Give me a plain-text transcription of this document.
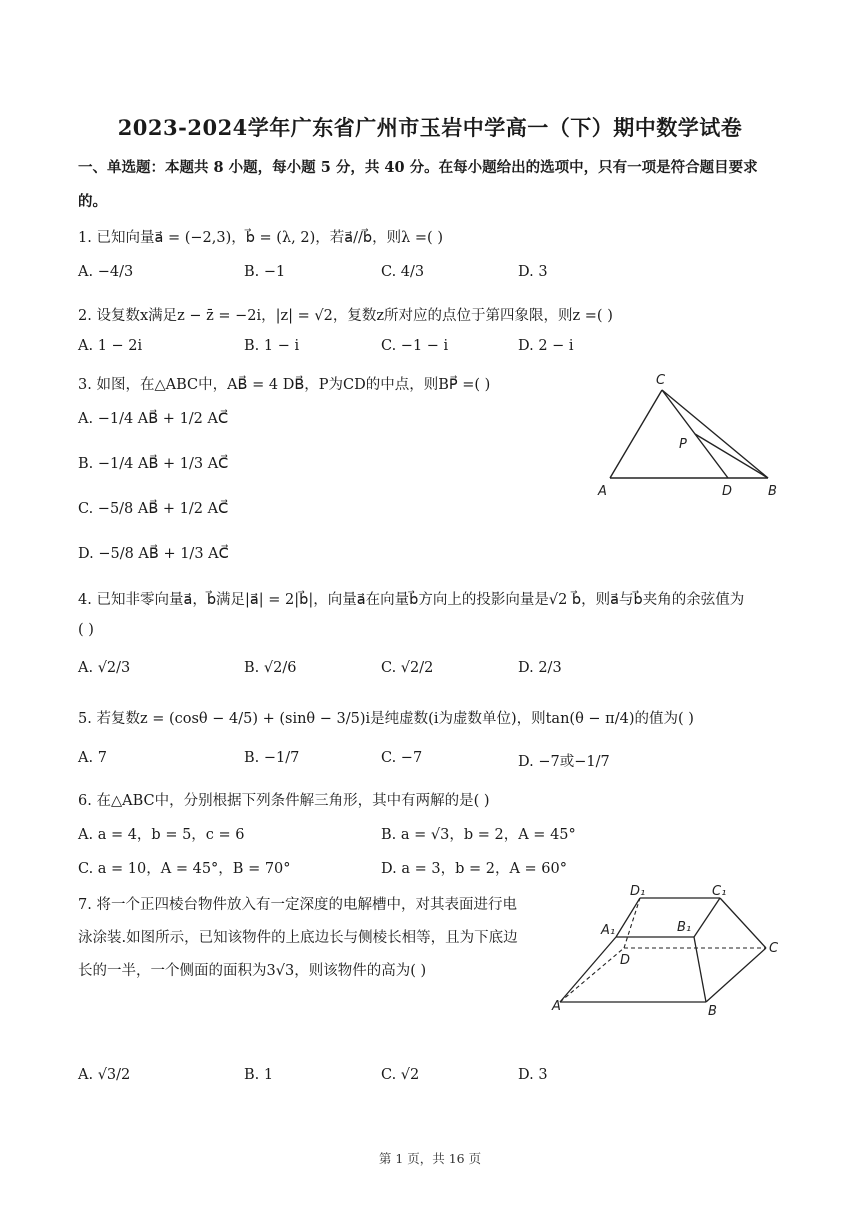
2023-2024学年广东省广州市玉岩中学高一（下）期中数学试卷
一、单选题：本题共 8 小题，每小题 5 分，共 40 分。在每小题给出的选项中，只有一项是符合题目要求
的。
1. 已知向量a⃗ = (−2,3)，b⃗ = (λ, 2)，若a⃗//b⃗，则λ =( )
A. −4/3	B. −1	C. 4/3	D. 3
2. 设复数x满足z − z̄ = −2i，|z| = √2，复数z所对应的点位于第四象限，则z =( )
A. 1 − 2i	B. 1 − i	C. −1 − i	D. 2 − i
3. 如图，在△ABC中，AB⃗ = 4 DB⃗，P为CD的中点，则BP⃗ =( )
A. −1/4 AB⃗ + 1/2 AC⃗
B. −1/4 AB⃗ + 1/3 AC⃗
C. −5/8 AB⃗ + 1/2 AC⃗
D. −5/8 AB⃗ + 1/3 AC⃗
C
P
A	D	B
4. 已知非零向量a⃗，b⃗满足|a⃗| = 2|b⃗|，向量a⃗在向量b⃗方向上的投影向量是√2 b⃗，则a⃗与b⃗夹角的余弦值为
( )
A. √2/3	B. √2/6	C. √2/2	D. 2/3
5. 若复数z = (cosθ − 4/5) + (sinθ − 3/5)i是纯虚数(i为虚数单位)，则tan(θ − π/4)的值为( )
A. 7	B. −1/7	C. −7	D. −7或−1/7
6. 在△ABC中，分别根据下列条件解三角形，其中有两解的是( )
A. a = 4，b = 5，c = 6	B. a = √3，b = 2，A = 45°
C. a = 10，A = 45°，B = 70°	D. a = 3，b = 2，A = 60°
7. 将一个正四棱台物件放入有一定深度的电解槽中，对其表面进行电
泳涂装.如图所示，已知该物件的上底边长与侧棱长相等，且为下底边
长的一半，一个侧面的面积为3√3，则该物件的高为( )
D₁	C₁
A₁	B₁
D
C
A	B
A. √3/2	B. 1	C. √2	D. 3
第 1 页，共 16 页
